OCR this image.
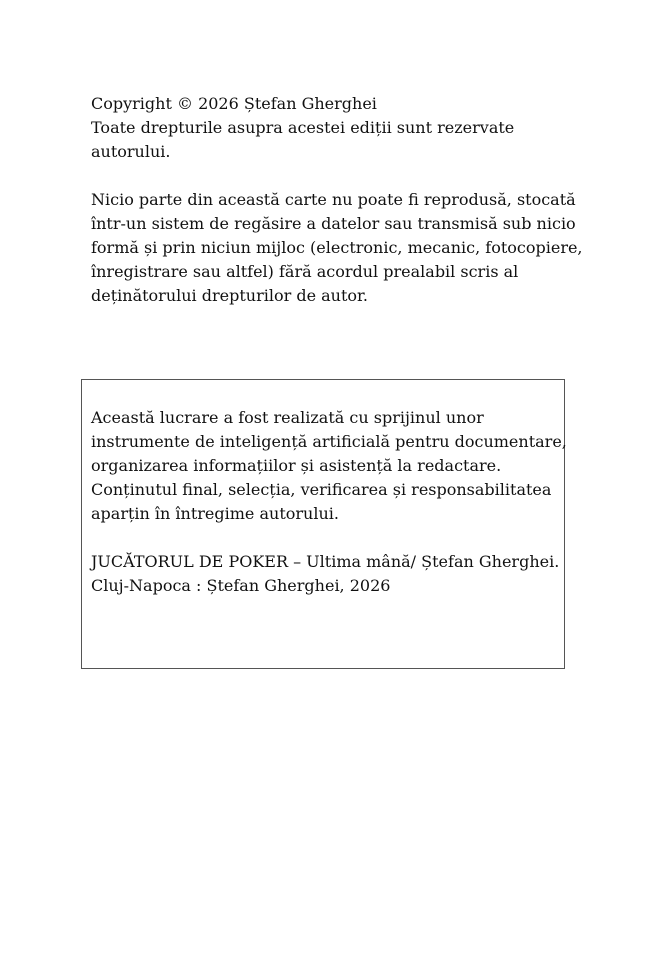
Copyright © 2026 Ștefan Gherghei
Toate drepturile asupra acestei ediții sunt rezervate
autorului.

Nicio parte din această carte nu poate fi reprodusă, stocată
într-un sistem de regăsire a datelor sau transmisă sub nicio
formă și prin niciun mijloc (electronic, mecanic, fotocopiere,
înregistrare sau altfel) fără acordul prealabil scris al
deținătorului drepturilor de autor.

Această lucrare a fost realizată cu sprijinul unor
instrumente de inteligență artificială pentru documentare,
organizarea informațiilor și asistență la redactare.
Conținutul final, selecția, verificarea și responsabilitatea
aparțin în întregime autorului.

JUCĂTORUL DE POKER – Ultima mână/ Ștefan Gherghei.
Cluj-Napoca : Ștefan Gherghei, 2026
